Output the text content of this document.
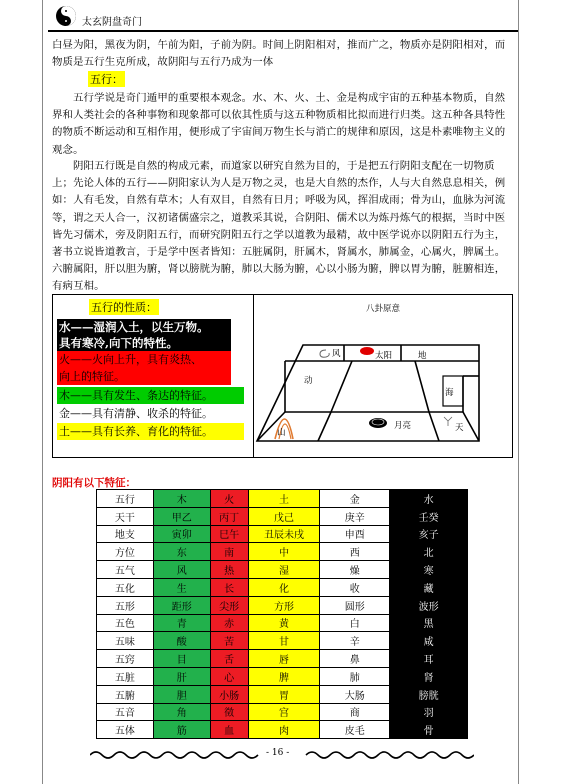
太玄阴盘奇门
白昼为阳，黑夜为阴，午前为阳，子前为阴。时间上阴阳相对，推而广之，物质亦是阴阳相对，而物质是五行生克所成，故阴阳与五行乃成为一体
五行：
五行学说是奇门遁甲的重要根本观念。水、木、火、土、金是构成宇宙的五种基本物质，自然界和人类社会的各种事物和现象都可以依其性质与这五种物质相比拟而进行归类。这五种各具特性的物质不断运动和互相作用，便形成了宇宙间万物生长与消亡的规律和原因，这是朴素唯物主义的观念。
阴阳五行既是自然的构成元素，而道家以研究自然为目的，于是把五行阴阳支配在一切物质上；先论人体的五行——阴阳家认为人是万物之灵，也是大自然的杰作，人与大自然息息相关，例如：人有毛发，自然有草木；人有双目，自然有日月；呼吸为风，挥泪成雨；骨为山，血脉为河流等，谓之天人合一，汉初诸儒盛宗之，道教采其说，合阴阳、儒术以为炼丹炼气的根据，当时中医皆先习儒术，旁及阴阳五行，而研究阴阳五行之学以道教为最精，故中医学说亦以阴阳五行为主，著书立说皆道教言，于是学中医者皆知：五脏属阴，肝属木，肾属水，肺属金，心属火，脾属土。六腑属阳，肝以胆为腑，肾以膀胱为腑，肺以大肠为腑，心以小肠为腑，脾以胃为腑，脏腑相连，有病互相。
五行的性质：
水——湿润入土，以生万物。
具有寒冷,向下的特性。
火——火向上升，具有炎热、
向上的特征。
木——具有发生、条达的特征。
金——具有清静、收杀的特征。
土——具有长养、育化的特征。
八卦原意
风	太阳	地
海
动
山
月亮	天
阴阳有以下特征：
五行	木	火	土	金	水
天干	甲乙	丙丁	戊己	庚辛	壬癸
地支	寅卯	巳午	丑辰未戌	申酉	亥子
方位	东	南	中	西	北
五气	风	热	湿	燥	寒
五化	生	长	化	收	藏
五形	距形	尖形	方形	圆形	波形
五色	青	赤	黄	白	黑
五味	酸	苦	甘	辛	咸
五窍	目	舌	唇	鼻	耳
五脏	肝	心	脾	肺	肾
五腑	胆	小肠	胃	大肠	膀胱
五音	角	徵	宫	商	羽
五体	筋	血	肉	皮毛	骨
- 16 -
